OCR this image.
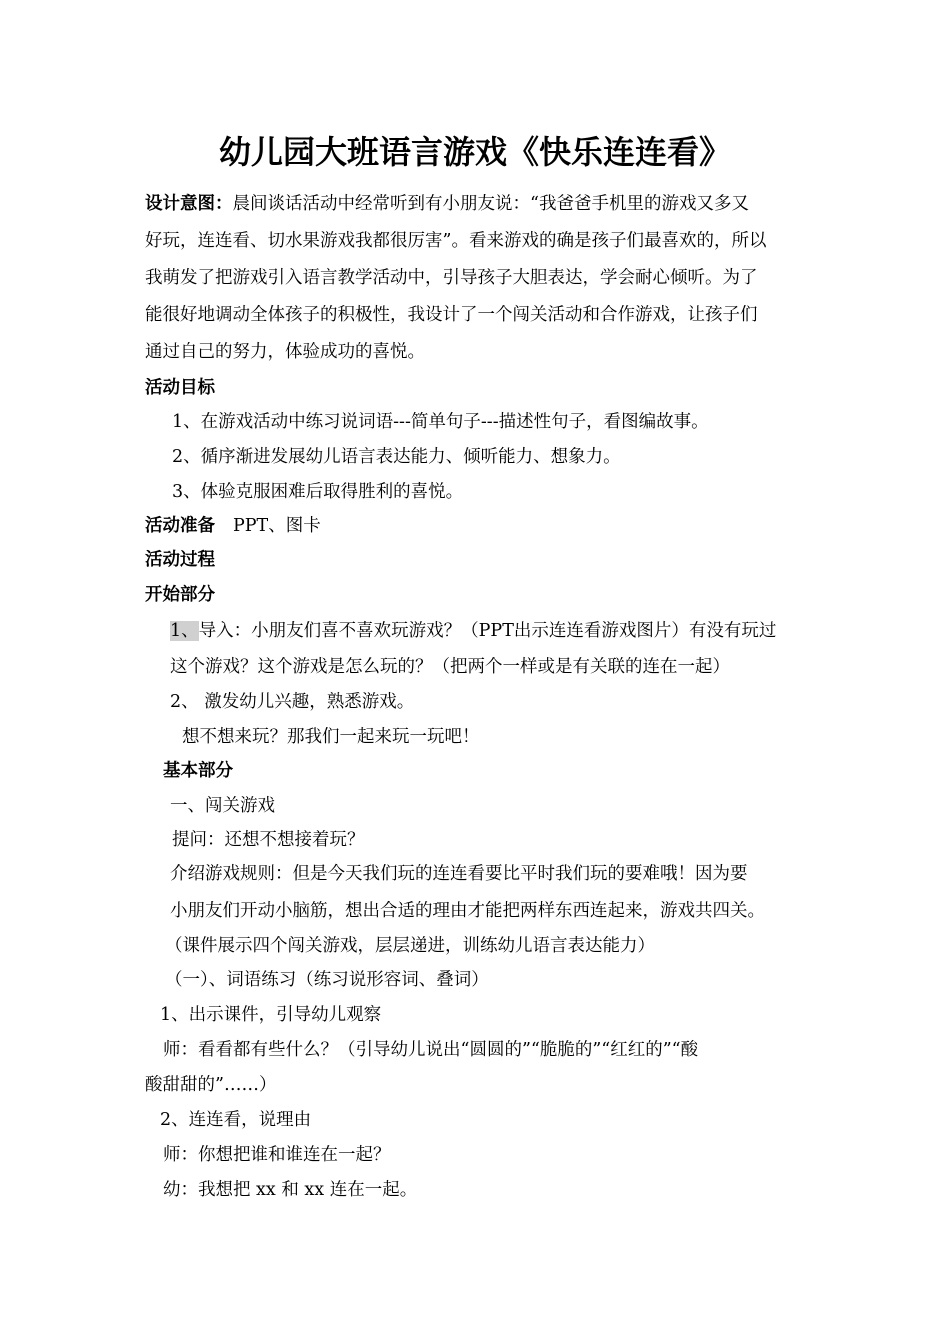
幼儿园大班语言游戏《快乐连连看》
设计意图：晨间谈话活动中经常听到有小朋友说：“我爸爸手机里的游戏又多又
好玩，连连看、切水果游戏我都很厉害”。看来游戏的确是孩子们最喜欢的，所以
我萌发了把游戏引入语言教学活动中，引导孩子大胆表达，学会耐心倾听。为了
能很好地调动全体孩子的积极性，我设计了一个闯关活动和合作游戏，让孩子们
通过自己的努力，体验成功的喜悦。
活动目标
1、在游戏活动中练习说词语---简单句子---描述性句子，看图编故事。
2、循序渐进发展幼儿语言表达能力、倾听能力、想象力。
3、体验克服困难后取得胜利的喜悦。
活动准备 PPT、图卡
活动过程
开始部分
1、导入：小朋友们喜不喜欢玩游戏？（PPT出示连连看游戏图片）有没有玩过
这个游戏？这个游戏是怎么玩的？（把两个一样或是有关联的连在一起）
2、 激发幼儿兴趣，熟悉游戏。
想不想来玩？那我们一起来玩一玩吧！
基本部分
一、闯关游戏
提问：还想不想接着玩？
介绍游戏规则：但是今天我们玩的连连看要比平时我们玩的要难哦！因为要
小朋友们开动小脑筋，想出合适的理由才能把两样东西连起来，游戏共四关。
（课件展示四个闯关游戏，层层递进，训练幼儿语言表达能力）
（一）、词语练习（练习说形容词、叠词）
1、出示课件，引导幼儿观察
师：看看都有些什么？（引导幼儿说出“圆圆的”“脆脆的”“红红的”“酸
酸甜甜的”……）
2、连连看，说理由
师：你想把谁和谁连在一起？
幼：我想把 xx 和 xx 连在一起。
